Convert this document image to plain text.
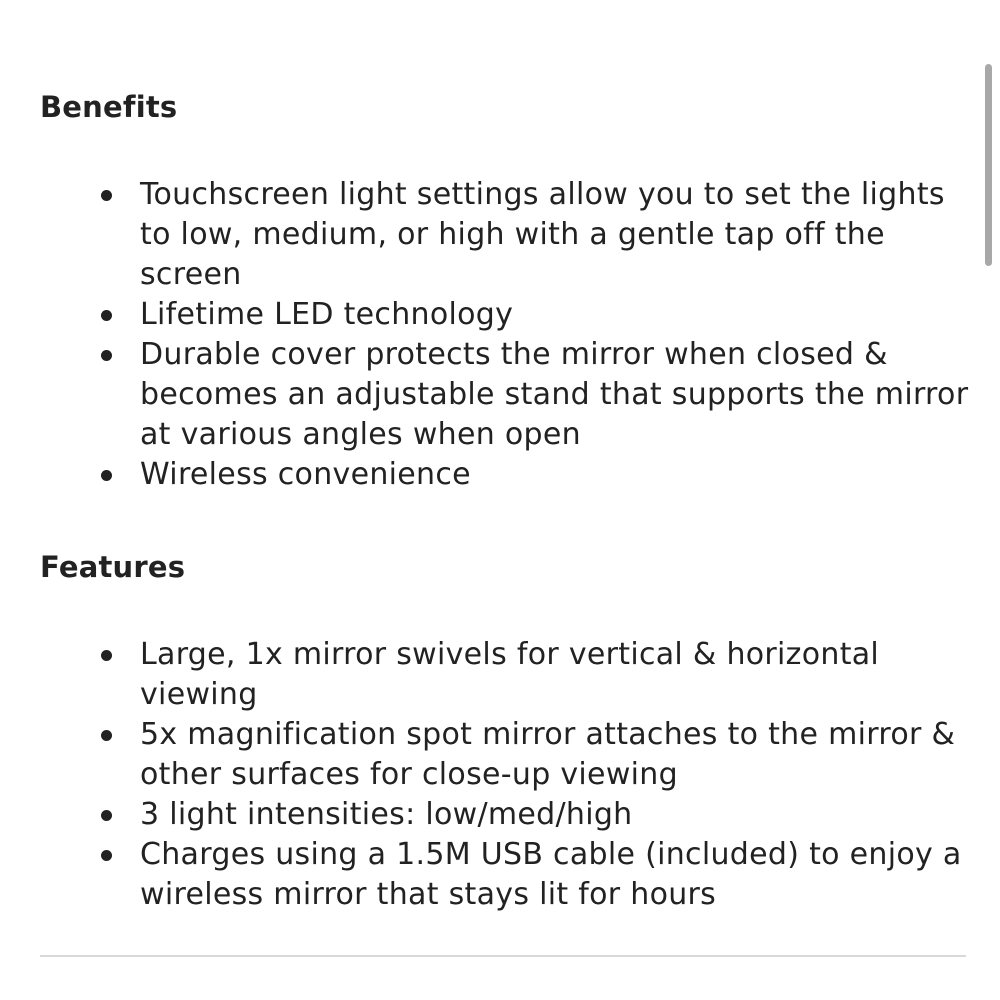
Benefits
Touchscreen light settings allow you to set the lights to low, medium, or high with a gentle tap off the screen
Lifetime LED technology
Durable cover protects the mirror when closed & becomes an adjustable stand that supports the mirror at various angles when open
Wireless convenience
Features
Large, 1x mirror swivels for vertical & horizontal viewing
5x magnification spot mirror attaches to the mirror & other surfaces for close-up viewing
3 light intensities: low/med/high
Charges using a 1.5M USB cable (included) to enjoy a wireless mirror that stays lit for hours
